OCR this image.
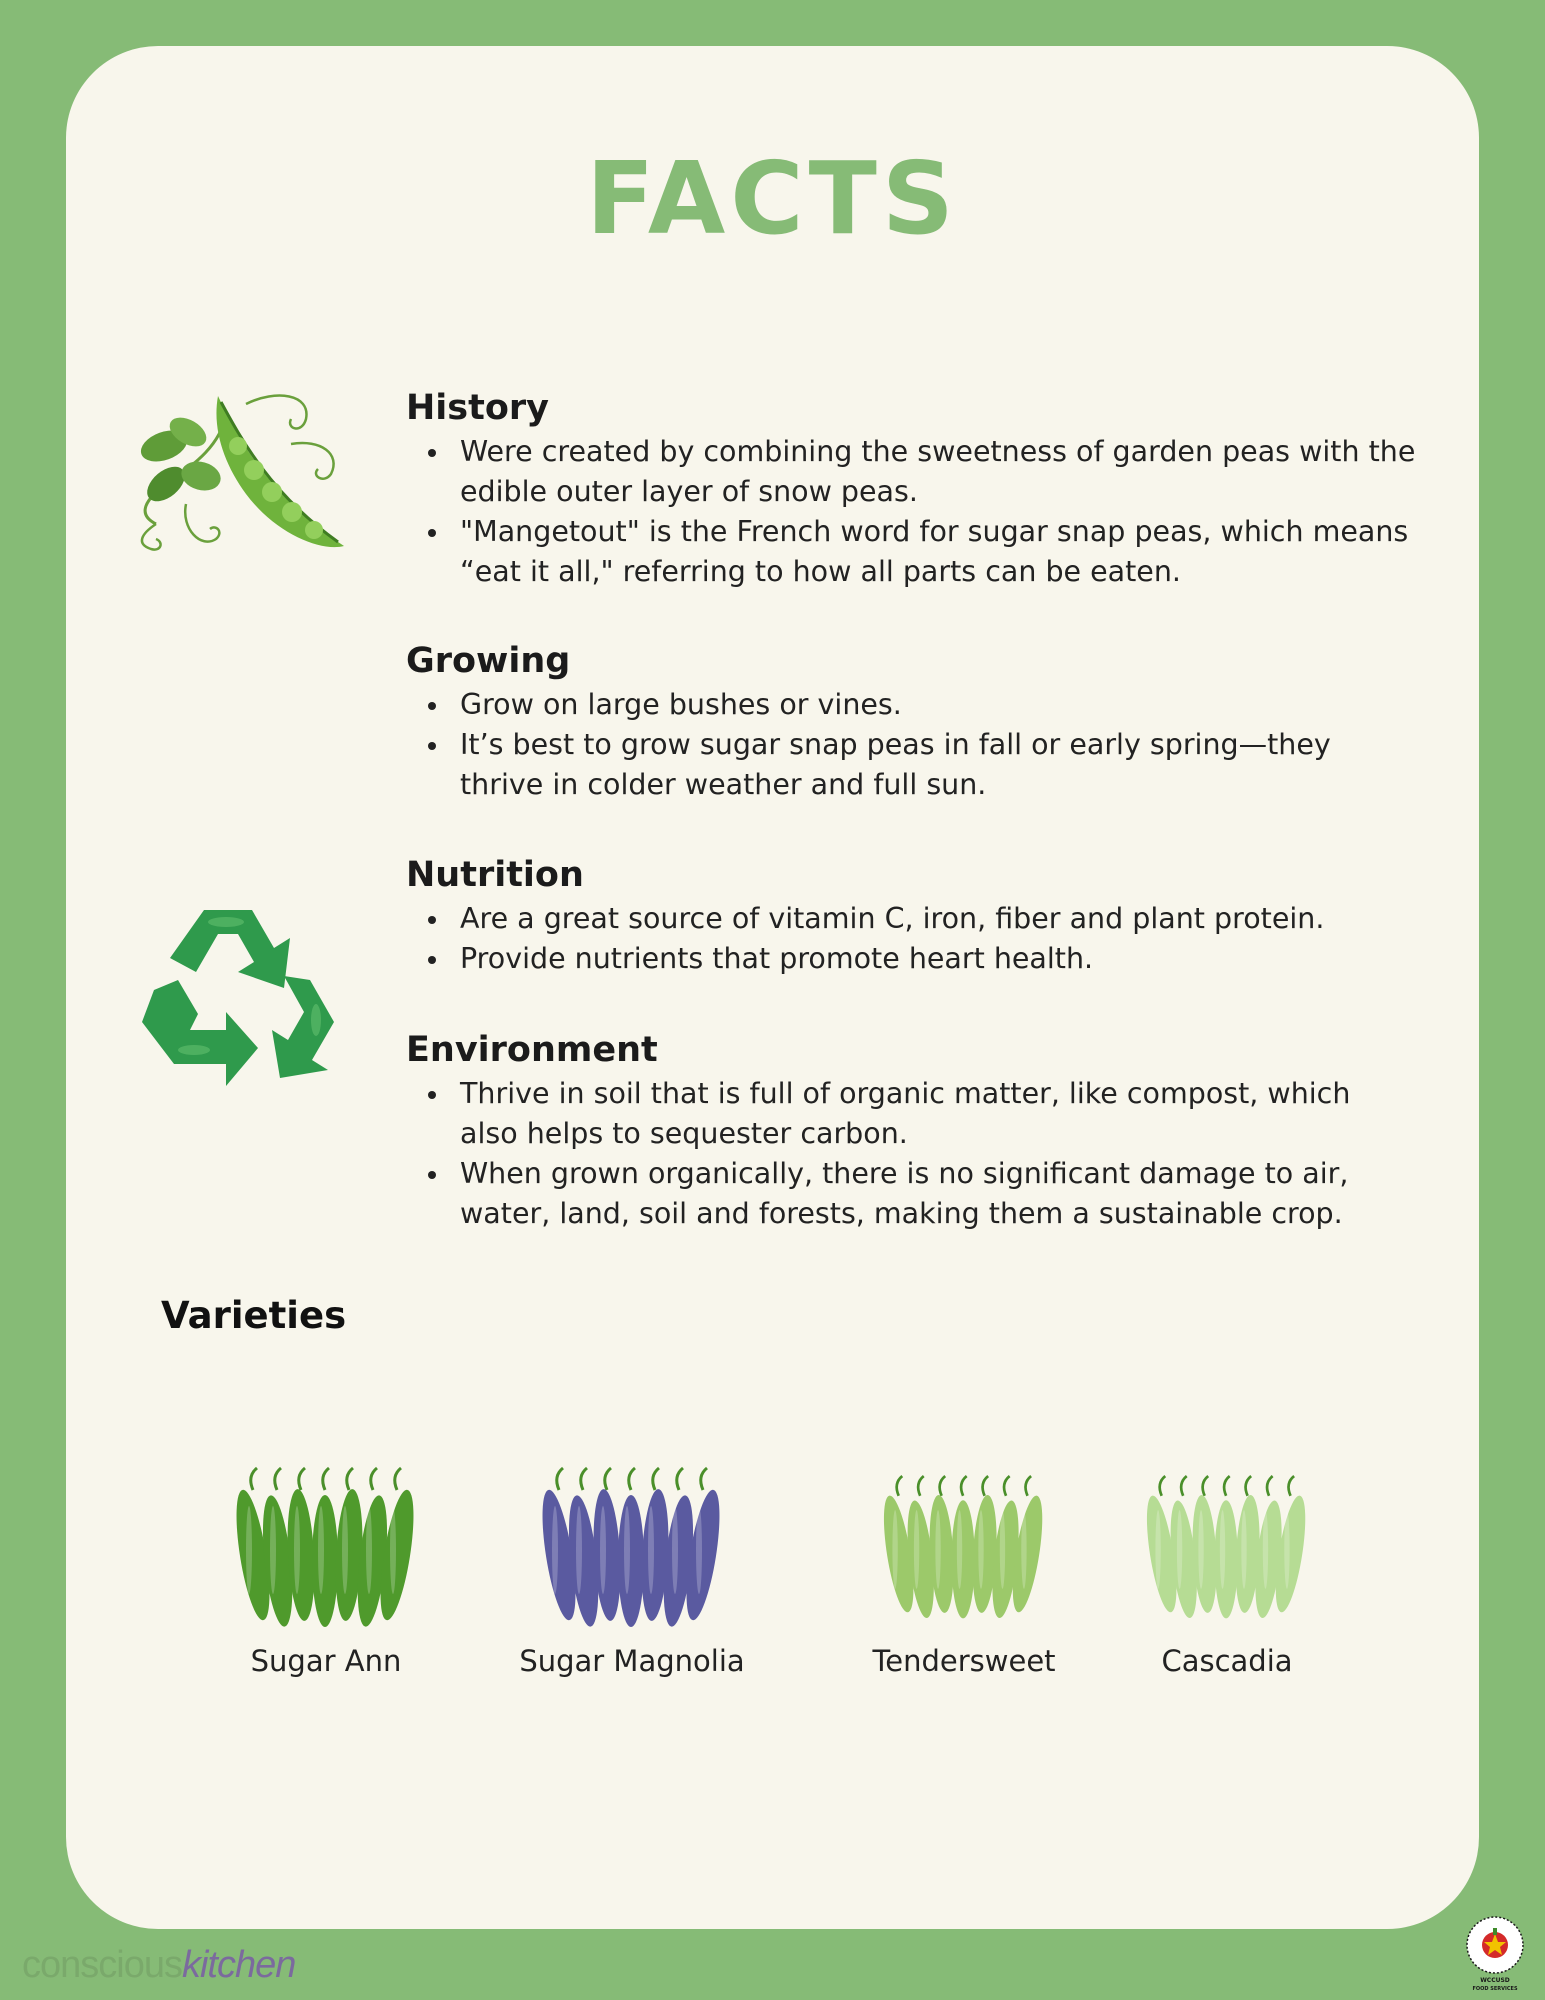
FACTS
History
Were created by combining the sweetness of garden peas with the edible outer layer of snow peas.
"Mangetout" is the French word for sugar snap peas, which means “eat it all," referring to how all parts can be eaten.
Growing
Grow on large bushes or vines.
It’s best to grow sugar snap peas in fall or early spring—they thrive in colder weather and full sun.
Nutrition
Are a great source of vitamin C, iron, fiber and plant protein.
Provide nutrients that promote heart health.
Environment
Thrive in soil that is full of organic matter, like compost, which also helps to sequester carbon.
When grown organically, there is no significant damage to air, water, land, soil and forests, making them a sustainable crop.
Varieties
Sugar Ann	Sugar Magnolia	Tendersweet	Cascadia
consciouskitchen	WCCUSD
FOOD SERVICES
